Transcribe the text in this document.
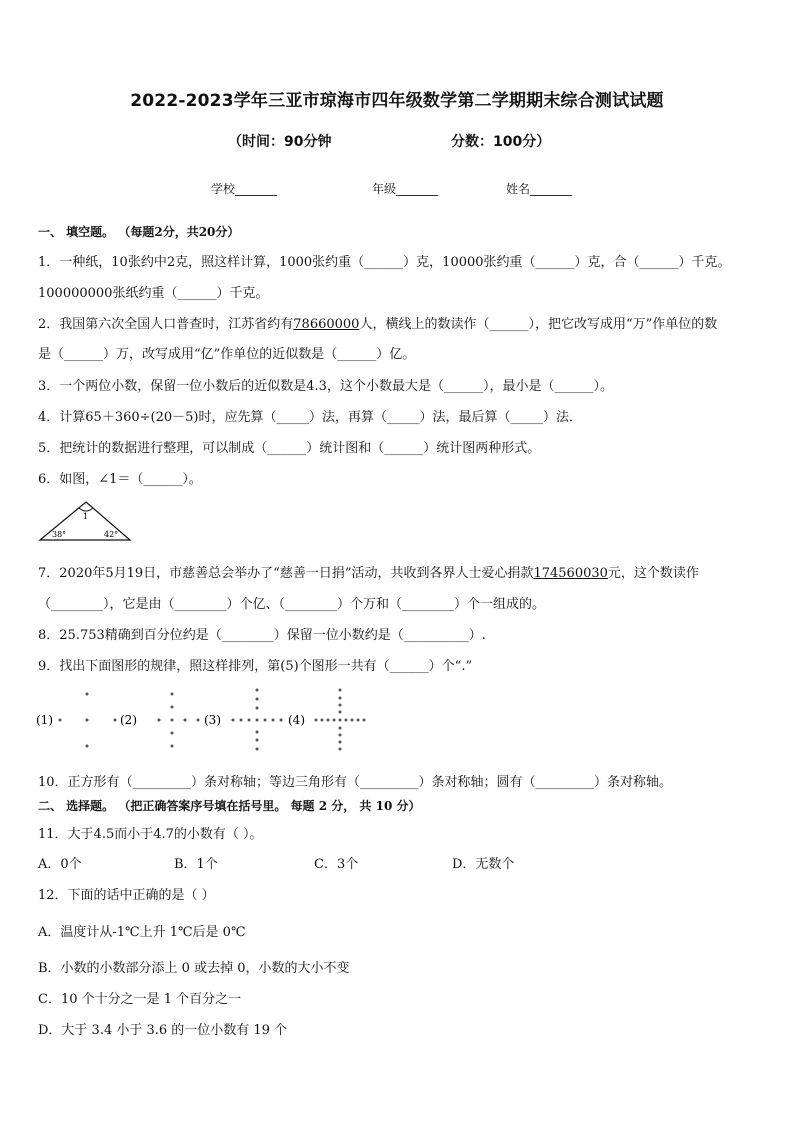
2022-2023学年三亚市琼海市四年级数学第二学期期末综合测试试题
（时间：90分钟	分数：100分）
学校_______	年级_______	姓名_______
一、 填空题。 （每题2分，共20分）
1．一种纸，10张约中2克，照这样计算，1000张约重（______）克，10000张约重（______）克，合（______）千克。
100000000张纸约重（______）千克。
2．我国第六次全国人口普查时，江苏省约有78660000人，横线上的数读作（______），把它改写成用“万”作单位的数
是（______）万，改写成用“亿”作单位的近似数是（______）亿。
3．一个两位小数，保留一位小数后的近似数是4.3，这个小数最大是（______），最小是（______）。
4．计算65＋360÷(20－5)时，应先算（_____）法，再算（_____）法，最后算（_____）法．
5．把统计的数据进行整理，可以制成（______）统计图和（______）统计图两种形式。
6．如图，∠1＝（______）。
1
38°	42°
7．2020年5月19日，市慈善总会举办了“慈善一日捐”活动，共收到各界人士爱心捐款174560030元，这个数读作
（________），它是由（________）个亿、（________）个万和（________）个一组成的。
8．25.753精确到百分位约是（________）保留一位小数约是（__________）.
9．找出下面图形的规律，照这样排列，第(5)个图形一共有（______）个“.”
(1)	(2)	(3)	(4)
10．正方形有（_________）条对称轴；等边三角形有（_________）条对称轴；圆有（_________）条对称轴。
二、 选择题。 （把正确答案序号填在括号里。 每题 2 分， 共 10 分）
11．大于4.5而小于4.7的小数有（ ）。
A．0个	B．1个	C．3个	D．无数个
12．下面的话中正确的是（ ）
A．温度计从-1℃上升 1℃后是 0℃
B．小数的小数部分添上 0 或去掉 0，小数的大小不变
C．10 个十分之一是 1 个百分之一
D．大于 3.4 小于 3.6 的一位小数有 19 个
